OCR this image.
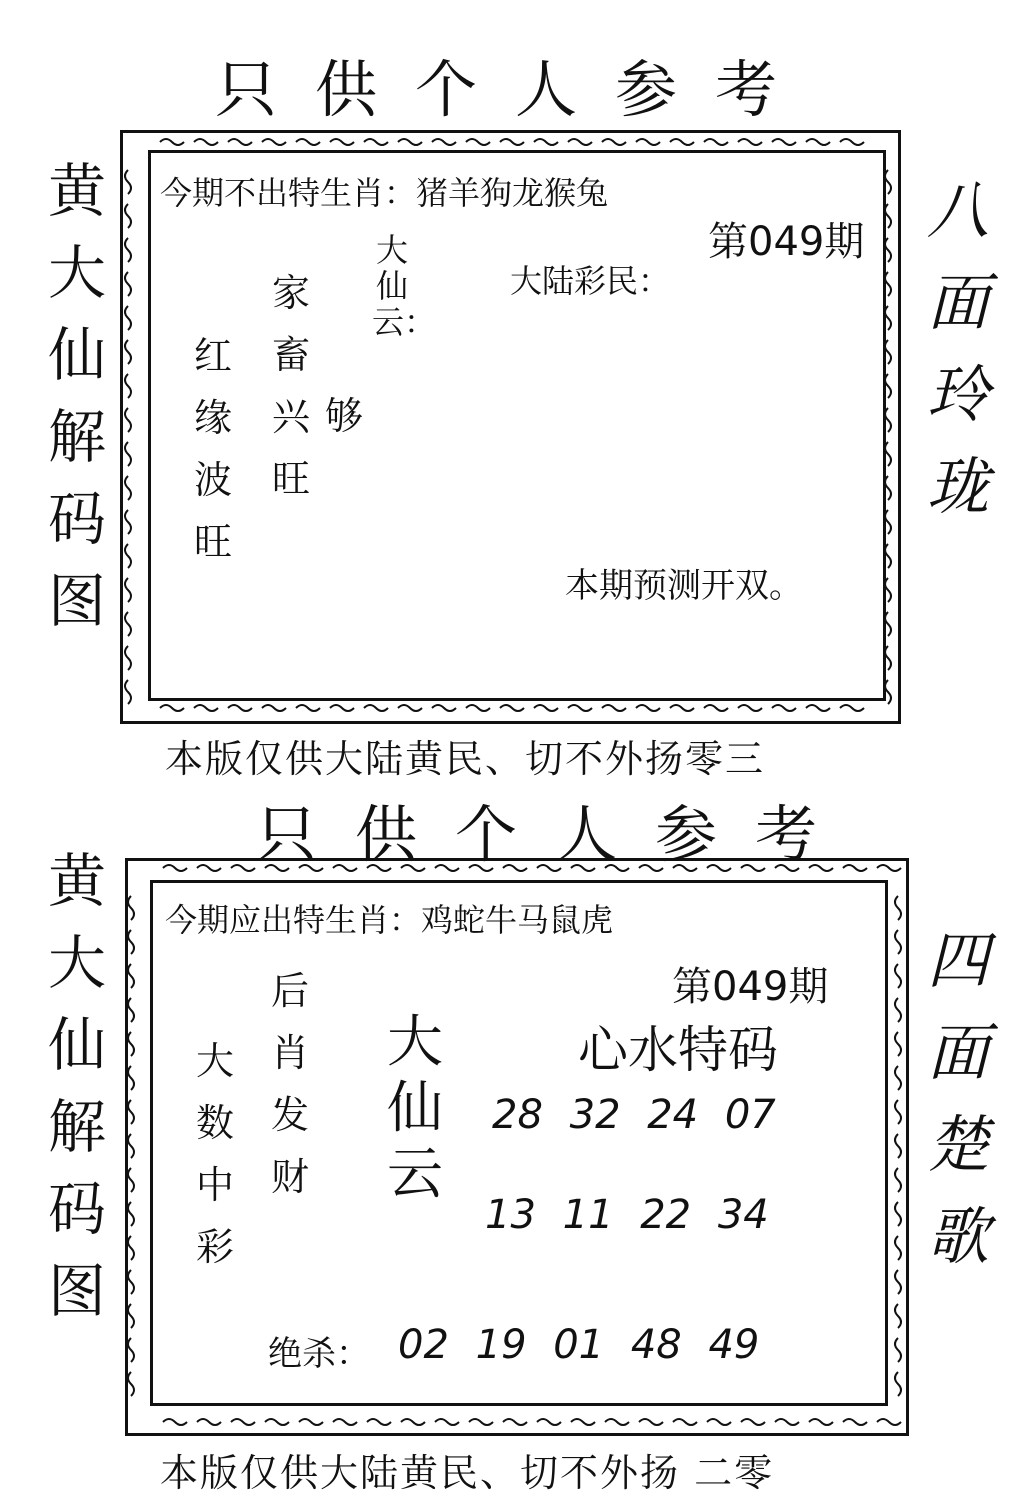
只供个人参考
黄
大
仙
解
码
图
八面玲珑
今期不出特生肖：猪羊狗龙猴兔
第049期
大陆彩民：
大仙云：
家
畜
兴
旺
红
缘
波
旺
够
本期预测开双。
本版仅供大陆黄民、切不外扬零三
只供个人参考
黄
大
仙
解
码
图
四面楚歌
今期应出特生肖：鸡蛇牛马鼠虎
第049期
后
肖
发
财
大
数
中
彩
大仙云
心水特码
28 32 24 07
13 11 22 34
绝杀： 02 19 01 48 49
本版仅供大陆黄民、切不外扬 二零
